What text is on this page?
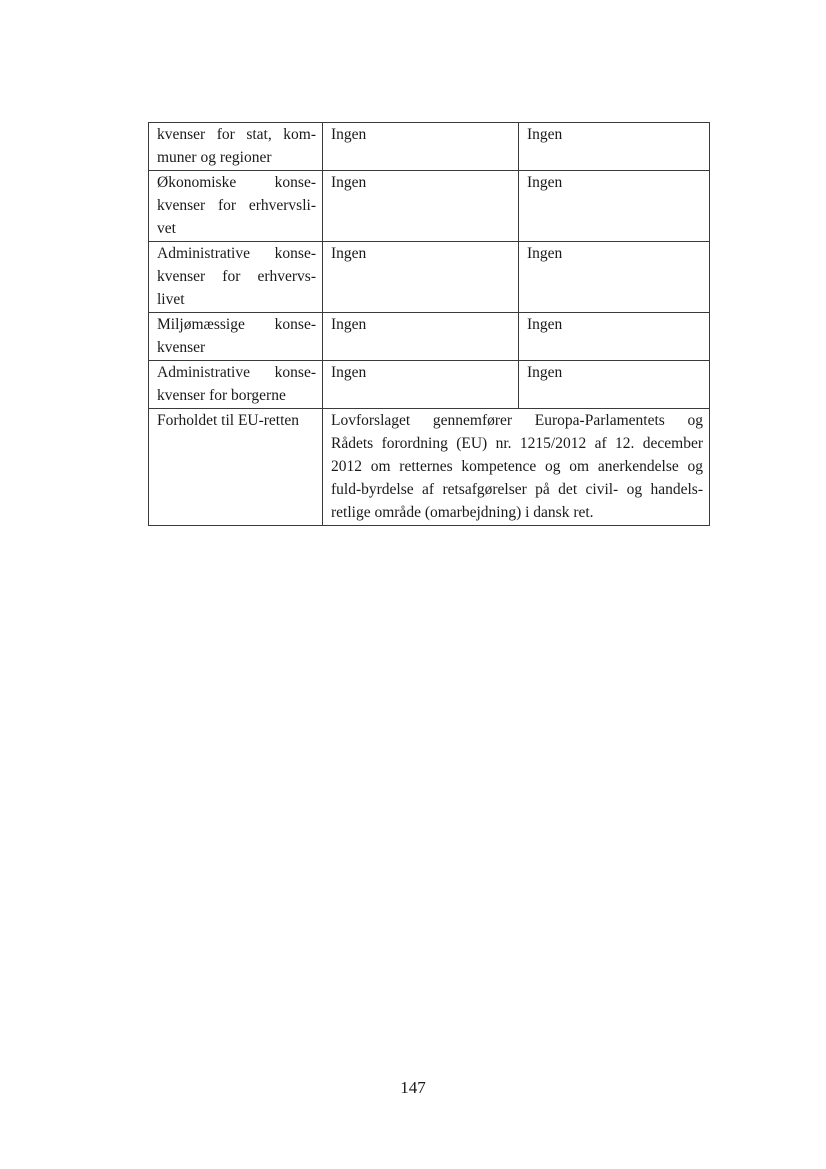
kvenser for stat, kom-
muner og regioner	Ingen	Ingen

Økonomiske konse-
kvenser for erhvervsli-
vet	Ingen	Ingen

Administrative konse-
kvenser for erhvervs-
livet	Ingen	Ingen

Miljømæssige konse-
kvenser	Ingen	Ingen

Administrative konse-
kvenser for borgerne	Ingen	Ingen
Forholdet til EU-retten	Lovforslaget gennemfører Europa-Parlamentets og
Rådets forordning (EU) nr. 1215/2012 af 12. december
2012 om retternes kompetence og om anerkendelse og
fuld-byrdelse af retsafgørelser på det civil- og handels-
retlige område (omarbejdning) i dansk ret.	
147
